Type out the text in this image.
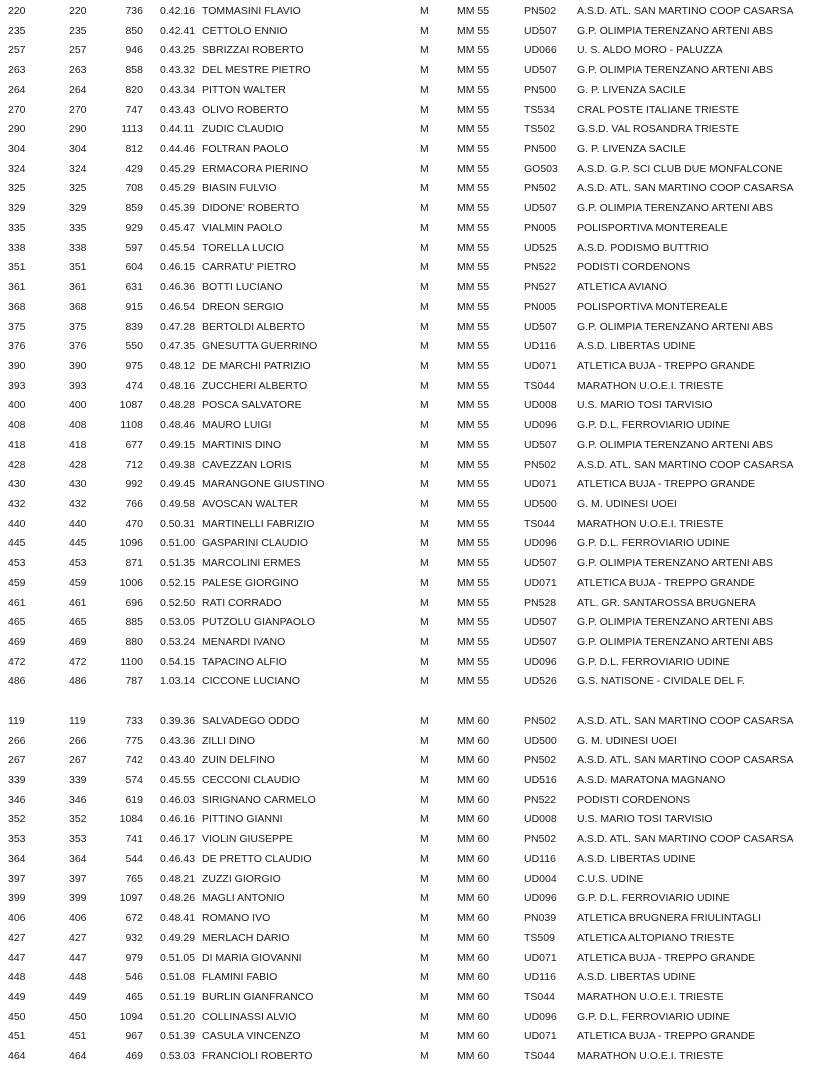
220	220	736 0.42.16 TOMMASINI FLAVIO	M	MM 55	PN502 A.S.D. ATL. SAN MARTINO COOP CASARSA
235	235	850 0.42.41 CETTOLO ENNIO	M	MM 55	UD507 G.P. OLIMPIA TERENZANO ARTENI ABS
257	257	946 0.43.25 SBRIZZAI ROBERTO	M	MM 55	UD066 U. S. ALDO MORO - PALUZZA
263	263	858 0.43.32 DEL MESTRE PIETRO	M	MM 55	UD507 G.P. OLIMPIA TERENZANO ARTENI ABS
264	264	820 0.43.34 PITTON WALTER	M	MM 55	PN500 G. P. LIVENZA SACILE
270	270	747 0.43.43 OLIVO ROBERTO	M	MM 55	TS534 CRAL POSTE ITALIANE TRIESTE
290	290	1113 0.44.11 ZUDIC CLAUDIO	M	MM 55	TS502 G.S.D. VAL ROSANDRA TRIESTE
304	304	812 0.44.46 FOLTRAN PAOLO	M	MM 55	PN500 G. P. LIVENZA SACILE
324	324	429 0.45.29 ERMACORA PIERINO	M	MM 55	GO503 A.S.D. G.P. SCI CLUB DUE MONFALCONE
325	325	708 0.45.29 BIASIN FULVIO	M	MM 55	PN502 A.S.D. ATL. SAN MARTINO COOP CASARSA
329	329	859 0.45.39 DIDONE' ROBERTO	M	MM 55	UD507 G.P. OLIMPIA TERENZANO ARTENI ABS
335	335	929 0.45.47 VIALMIN PAOLO	M	MM 55	PN005 POLISPORTIVA MONTEREALE
338	338	597 0.45.54 TORELLA LUCIO	M	MM 55	UD525 A.S.D. PODISMO BUTTRIO
351	351	604 0.46.15 CARRATU' PIETRO	M	MM 55	PN522 PODISTI CORDENONS
361	361	631 0.46.36 BOTTI LUCIANO	M	MM 55	PN527 ATLETICA AVIANO
368	368	915 0.46.54 DREON SERGIO	M	MM 55	PN005 POLISPORTIVA MONTEREALE
375	375	839 0.47.28 BERTOLDI ALBERTO	M	MM 55	UD507 G.P. OLIMPIA TERENZANO ARTENI ABS
376	376	550 0.47.35 GNESUTTA GUERRINO	M	MM 55	UD116 A.S.D. LIBERTAS UDINE
390	390	975 0.48.12 DE MARCHI PATRIZIO	M	MM 55	UD071 ATLETICA BUJA - TREPPO GRANDE
393	393	474 0.48.16 ZUCCHERI ALBERTO	M	MM 55	TS044 MARATHON U.O.E.I. TRIESTE
400	400	1087 0.48.28 POSCA SALVATORE	M	MM 55	UD008 U.S. MARIO TOSI TARVISIO
408	408	1108 0.48.46 MAURO LUIGI	M	MM 55	UD096 G.P. D.L. FERROVIARIO UDINE
418	418	677 0.49.15 MARTINIS DINO	M	MM 55	UD507 G.P. OLIMPIA TERENZANO ARTENI ABS
428	428	712 0.49.38 CAVEZZAN LORIS	M	MM 55	PN502 A.S.D. ATL. SAN MARTINO COOP CASARSA
430	430	992 0.49.45 MARANGONE GIUSTINO	M	MM 55	UD071 ATLETICA BUJA - TREPPO GRANDE
432	432	766 0.49.58 AVOSCAN WALTER	M	MM 55	UD500 G. M. UDINESI UOEI
440	440	470 0.50.31 MARTINELLI FABRIZIO	M	MM 55	TS044 MARATHON U.O.E.I. TRIESTE
445	445	1096 0.51.00 GASPARINI CLAUDIO	M	MM 55	UD096 G.P. D.L. FERROVIARIO UDINE
453	453	871 0.51.35 MARCOLINI ERMES	M	MM 55	UD507 G.P. OLIMPIA TERENZANO ARTENI ABS
459	459	1006 0.52.15 PALESE GIORGINO	M	MM 55	UD071 ATLETICA BUJA - TREPPO GRANDE
461	461	696 0.52.50 RATI CORRADO	M	MM 55	PN528 ATL. GR. SANTAROSSA BRUGNERA
465	465	885 0.53.05 PUTZOLU GIANPAOLO	M	MM 55	UD507 G.P. OLIMPIA TERENZANO ARTENI ABS
469	469	880 0.53.24 MENARDI IVANO	M	MM 55	UD507 G.P. OLIMPIA TERENZANO ARTENI ABS
472	472	1100 0.54.15 TAPACINO ALFIO	M	MM 55	UD096 G.P. D.L. FERROVIARIO UDINE
486	486	787 1.03.14 CICCONE LUCIANO	M	MM 55	UD526 G.S. NATISONE - CIVIDALE DEL F.
119	119	733 0.39.36 SALVADEGO ODDO	M	MM 60	PN502 A.S.D. ATL. SAN MARTINO COOP CASARSA
266	266	775 0.43.36 ZILLI DINO	M	MM 60	UD500 G. M. UDINESI UOEI
267	267	742 0.43.40 ZUIN DELFINO	M	MM 60	PN502 A.S.D. ATL. SAN MARTINO COOP CASARSA
339	339	574 0.45.55 CECCONI CLAUDIO	M	MM 60	UD516 A.S.D. MARATONA MAGNANO
346	346	619 0.46.03 SIRIGNANO CARMELO	M	MM 60	PN522 PODISTI CORDENONS
352	352	1084 0.46.16 PITTINO GIANNI	M	MM 60	UD008 U.S. MARIO TOSI TARVISIO
353	353	741 0.46.17 VIOLIN GIUSEPPE	M	MM 60	PN502 A.S.D. ATL. SAN MARTINO COOP CASARSA
364	364	544 0.46.43 DE PRETTO CLAUDIO	M	MM 60	UD116 A.S.D. LIBERTAS UDINE
397	397	765 0.48.21 ZUZZI GIORGIO	M	MM 60	UD004 C.U.S. UDINE
399	399	1097 0.48.26 MAGLI ANTONIO	M	MM 60	UD096 G.P. D.L. FERROVIARIO UDINE
406	406	672 0.48.41 ROMANO IVO	M	MM 60	PN039 ATLETICA BRUGNERA FRIULINTAGLI
427	427	932 0.49.29 MERLACH DARIO	M	MM 60	TS509 ATLETICA ALTOPIANO TRIESTE
447	447	979 0.51.05 DI MARIA GIOVANNI	M	MM 60	UD071 ATLETICA BUJA - TREPPO GRANDE
448	448	546 0.51.08 FLAMINI FABIO	M	MM 60	UD116 A.S.D. LIBERTAS UDINE
449	449	465 0.51.19 BURLIN GIANFRANCO	M	MM 60	TS044 MARATHON U.O.E.I. TRIESTE
450	450	1094 0.51.20 COLLINASSI ALVIO	M	MM 60	UD096 G.P. D.L. FERROVIARIO UDINE
451	451	967 0.51.39 CASULA VINCENZO	M	MM 60	UD071 ATLETICA BUJA - TREPPO GRANDE
464	464	469 0.53.03 FRANCIOLI ROBERTO	M	MM 60	TS044 MARATHON U.O.E.I. TRIESTE
